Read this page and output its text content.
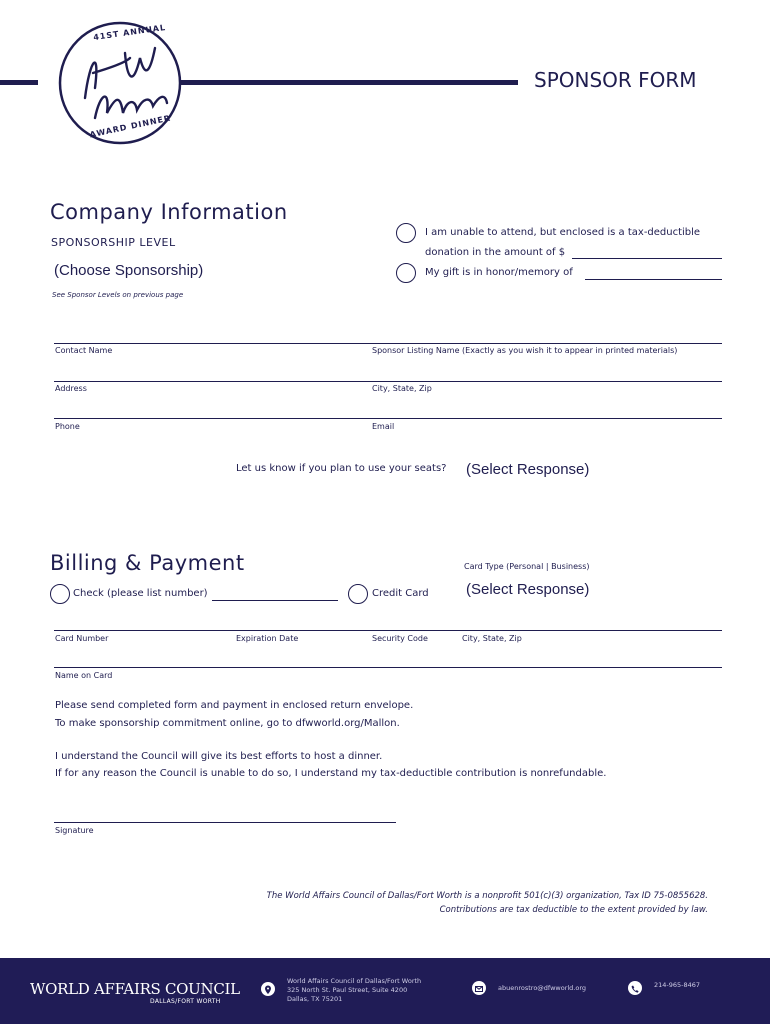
41ST ANNUAL
AWARD DINNER
SPONSOR FORM
Company Information
SPONSORSHIP LEVEL
(Choose Sponsorship)
See Sponsor Levels on previous page
I am unable to attend, but enclosed is a tax-deductible
donation in the amount of $
My gift is in honor/memory of
Contact Name	Sponsor Listing Name (Exactly as you wish it to appear in printed materials)
Address	City, State, Zip
Phone	Email
Let us know if you plan to use your seats? (Select Response)
Billing & Payment	Card Type (Personal | Business)
Check (please list number)	Credit Card (Select Response)
Card Number	Expiration Date	Security Code	City, State, Zip
Name on Card
Please send completed form and payment in enclosed return envelope.
To make sponsorship commitment online, go to dfwworld.org/Mallon.
I understand the Council will give its best efforts to host a dinner.
If for any reason the Council is unable to do so, I understand my tax-deductible contribution is nonrefundable.
Signature
The World Affairs Council of Dallas/Fort Worth is a nonprofit 501(c)(3) organization, Tax ID 75-0855628.
Contributions are tax deductible to the extent provided by law.
WORLD AFFAIRS COUNCIL
DALLAS/FORT WORTH
World Affairs Council of Dallas/Fort Worth
325 North St. Paul Street, Suite 4200
Dallas, TX 75201
abuenrostro@dfwworld.org	214-965-8467
